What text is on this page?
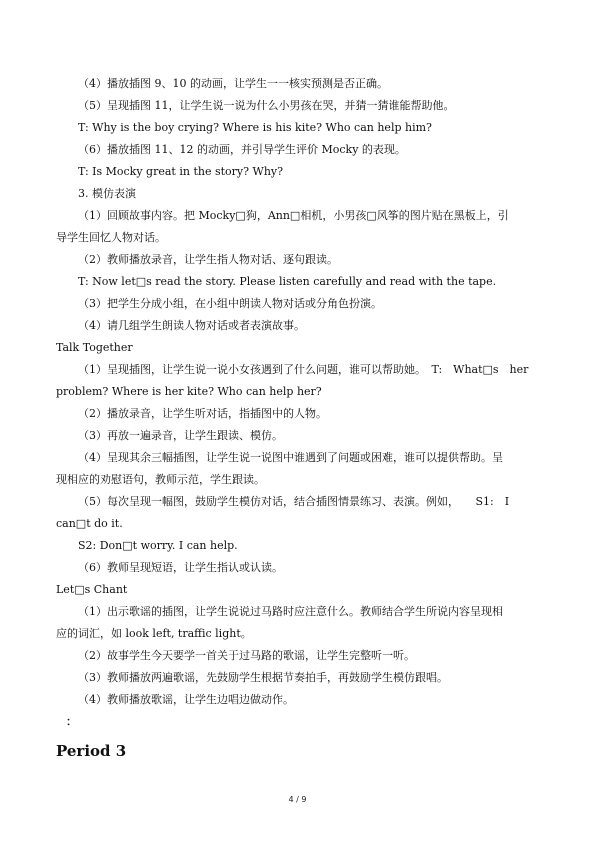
（4）播放插图 9、10 的动画，让学生一一核实预测是否正确。
（5）呈现插图 11，让学生说一说为什么小男孩在哭，并猜一猜谁能帮助他。
T: Why is the boy crying? Where is his kite? Who can help him?
（6）播放插图 11、12 的动画，并引导学生评价 Mocky 的表现。
T: Is Mocky great in the story? Why?
3. 模仿表演
（1）回顾故事内容。把 Mocky□狗，Ann□相机，小男孩□风筝的图片贴在黑板上，引
导学生回忆人物对话。
（2）教师播放录音，让学生指人物对话、逐句跟读。
T: Now let□s read the story. Please listen carefully and read with the tape.
（3）把学生分成小组，在小组中朗读人物对话或分角色扮演。
（4）请几组学生朗读人物对话或者表演故事。
Talk Together
（1）呈现插图，让学生说一说小女孩遇到了什么问题，谁可以帮助她。　T:　What□s　her
problem? Where is her kite? Who can help her?
（2）播放录音，让学生听对话，指插图中的人物。
（3）再放一遍录音，让学生跟读、模仿。
（4）呈现其余三幅插图，让学生说一说图中谁遇到了问题或困难，谁可以提供帮助。呈
现相应的劝慰语句，教师示范，学生跟读。
（5）每次呈现一幅图，鼓励学生模仿对话，结合插图情景练习、表演。例如，　　S1:　I
can□t do it.
S2: Don□t worry. I can help.
（6）教师呈现短语，让学生指认或认读。
Let□s Chant
（1）出示歌谣的插图，让学生说说过马路时应注意什么。教师结合学生所说内容呈现相
应的词汇，如 look left, traffic light。
（2）故事学生今天要学一首关于过马路的歌谣，让学生完整听一听。
（3）教师播放两遍歌谣，先鼓励学生根据节奏拍手，再鼓励学生模仿跟唱。
（4）教师播放歌谣，让学生边唱边做动作。
：
Period 3
4 / 9
